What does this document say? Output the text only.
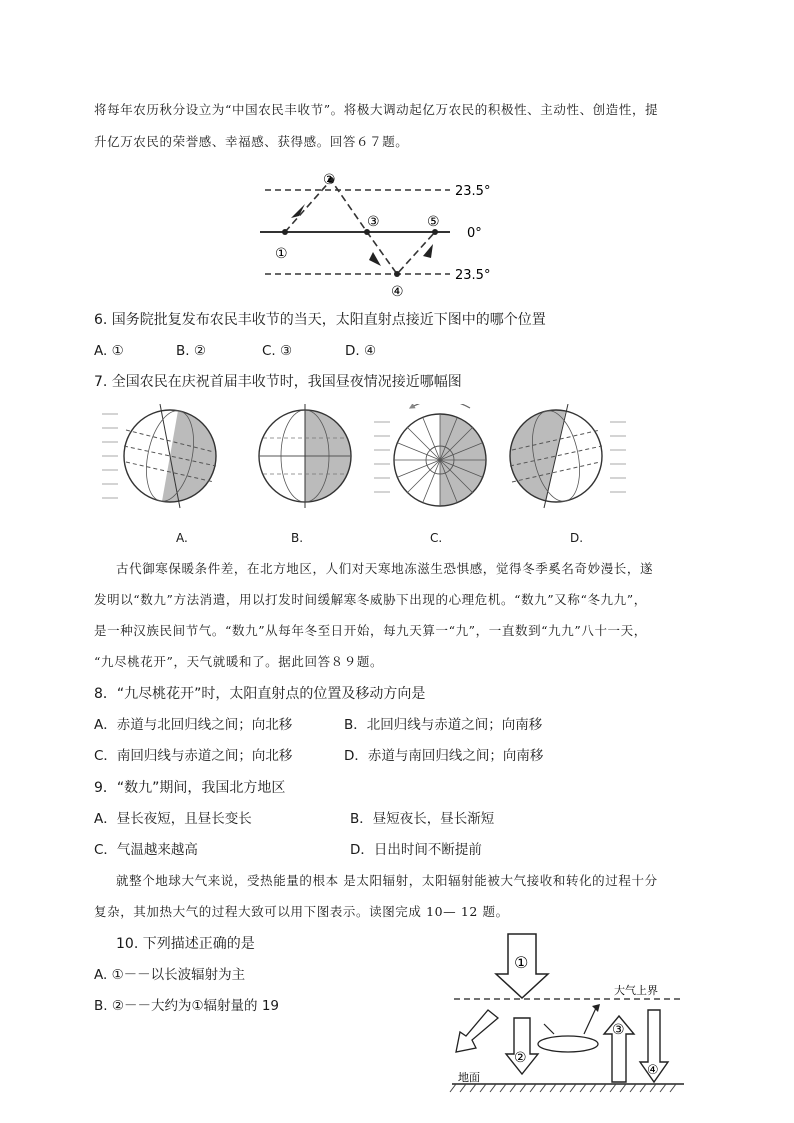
将每年农历秋分设立为“中国农民丰收节”。将极大调动起亿万农民的积极性、主动性、创造性，提
升亿万农民的荣誉感、幸福感、获得感。回答６７题。
23.5°
0°
23.5°
①
②
③
④
⑤
6. 国务院批复发布农民丰收节的当天，太阳直射点接近下图中的哪个位置
A. ①	B. ②	C. ③	D. ④
7. 全国农民在庆祝首届丰收节时，我国昼夜情况接近哪幅图
A.	B.	C.	D.
古代御寒保暖条件差，在北方地区，人们对天寒地冻滋生恐惧感，觉得冬季奚名奇妙漫长，遂
发明以“数九”方法消遣，用以打发时间缓解寒冬威胁下出现的心理危机。“数九”又称“冬九九”，
是一种汉族民间节气。“数九”从每年冬至日开始，每九天算一“九”，一直数到“九九”八十一天，
“九尽桃花开”，天气就暖和了。据此回答８９题。
8．“九尽桃花开”时，太阳直射点的位置及移动方向是
A．赤道与北回归线之间；向北移	B．北回归线与赤道之间；向南移
C．南回归线与赤道之间；向北移	D．赤道与南回归线之间；向南移
9．“数九”期间，我国北方地区
A．昼长夜短，且昼长变长	B．昼短夜长，昼长渐短
C．气温越来越高	D．日出时间不断提前
就整个地球大气来说，受热能量的根本 是太阳辐射，太阳辐射能被大气接收和转化的过程十分
复杂，其加热大气的过程大致可以用下图表示。读图完成 10— 12 题。
10. 下列描述正确的是
A. ①－－以长波辐射为主
B. ②－－大约为①辐射量的 19
大气上界
①
②
③
④
地面
